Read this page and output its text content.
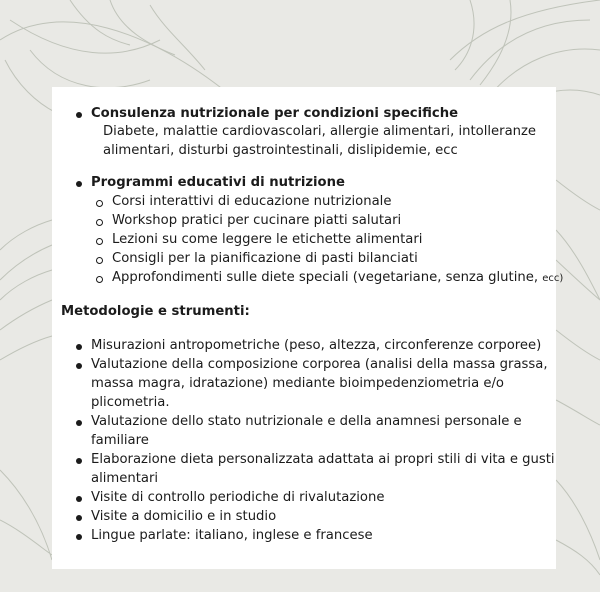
Consulenza nutrizionale per condizioni specifiche
Diabete, malattie cardiovascolari, allergie alimentari, intolleranze
alimentari, disturbi gastrointestinali, dislipidemie, ecc
Programmi educativi di nutrizione
Corsi interattivi di educazione nutrizionale
Workshop pratici per cucinare piatti salutari
Lezioni su come leggere le etichette alimentari
Consigli per la pianificazione di pasti bilanciati
Approfondimenti sulle diete speciali (vegetariane, senza glutine, ecc)
Metodologie e strumenti:
Misurazioni antropometriche (peso, altezza, circonferenze corporee)
Valutazione della composizione corporea (analisi della massa grassa,
massa magra, idratazione) mediante bioimpedenziometria e/o
plicometria.
Valutazione dello stato nutrizionale e della anamnesi personale e
familiare
Elaborazione dieta personalizzata adattata ai propri stili di vita e gusti
alimentari
Visite di controllo periodiche di rivalutazione
Visite a domicilio e in studio
Lingue parlate: italiano, inglese e francese
